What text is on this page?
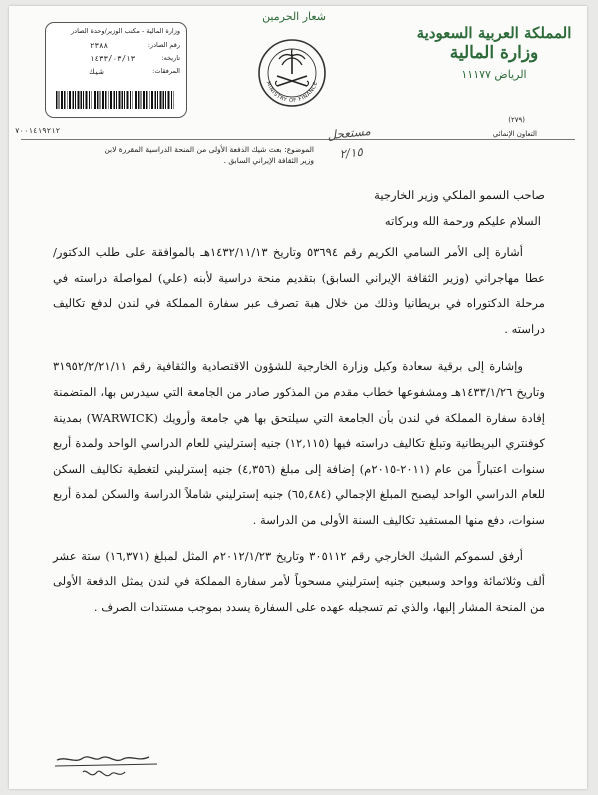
وزارة المالية - مكتب الوزير/وحدة الصادر
رقم الصادر:
٢٣٨٨
تاريخه:
١٤٣٣/٠٣/١٣
المرفقات:
شيك
٧٠٠١٤١٩٢١٢
شعار الحرمين
MINISTRY OF FINANCE
المملكة العربية السعودية
وزارة المالية
الرياض ١١١٧٧
(٢٧٩)
التعاون الإنمائي
الموضوع: بعث شيك الدفعة الأولى من المنحة الدراسية المقررة لابن وزير الثقافة الإيراني السابق .
مستعجل
٢/١٥

صاحب السمو الملكي وزير الخارجية

السلام عليكم ورحمة الله وبركاته

أشارة إلى الأمر السامي الكريم رقم ٥٣٦٩٤ وتاريخ ١٤٣٢/١١/١٣هـ بالموافقة على طلب الدكتور/ عطا مهاجراني (وزير الثقافة الإيراني السابق) بتقديم منحة دراسية لأبنه (علي) لمواصلة دراسته في مرحلة الدكتوراه في بريطانيا وذلك من خلال هبة تصرف عبر سفارة المملكة في لندن لدفع تكاليف دراسته .

وإشارة إلى برقية سعادة وكيل وزارة الخارجية للشؤون الاقتصادية والثقافية رقم ٣١٩٥٢/٢/٢١/١١ وتاريخ ١٤٣٣/١/٢٦هـ ومشفوعها خطاب مقدم من المذكور صادر من الجامعة التي سيدرس بها، المتضمنة إفادة سفارة المملكة في لندن بأن الجامعة التي سيلتحق بها هي جامعة وأرويك (WARWICK) بمدينة كوفنتري البريطانية وتبلغ تكاليف دراسته فيها (١٢,١١٥) جنيه إسترليني للعام الدراسي الواحد ولمدة أربع سنوات اعتباراً من عام (٢٠١١-٢٠١٥م) إضافة إلى مبلغ (٤,٣٥٦) جنيه إسترليني لتغطية تكاليف السكن للعام الدراسي الواحد ليصبح المبلغ الإجمالي (٦٥,٤٨٤) جنيه إسترليني شاملاً الدراسة والسكن لمدة أربع سنوات، دفع منها المستفيد تكاليف السنة الأولى من الدراسة .

أرفق لسموكم الشيك الخارجي رقم ٣٠٥١١٢ وتاريخ ٢٠١٢/١/٢٣م المثل لمبلغ (١٦,٣٧١) ستة عشر ألف وثلاثمائة وواحد وسبعين جنيه إسترليني مسحوباً لأمر سفارة المملكة في لندن يمثل الدفعة الأولى من المنحة المشار إليها، والذي تم تسجيله عهده على السفارة يسدد بموجب مستندات الصرف .
